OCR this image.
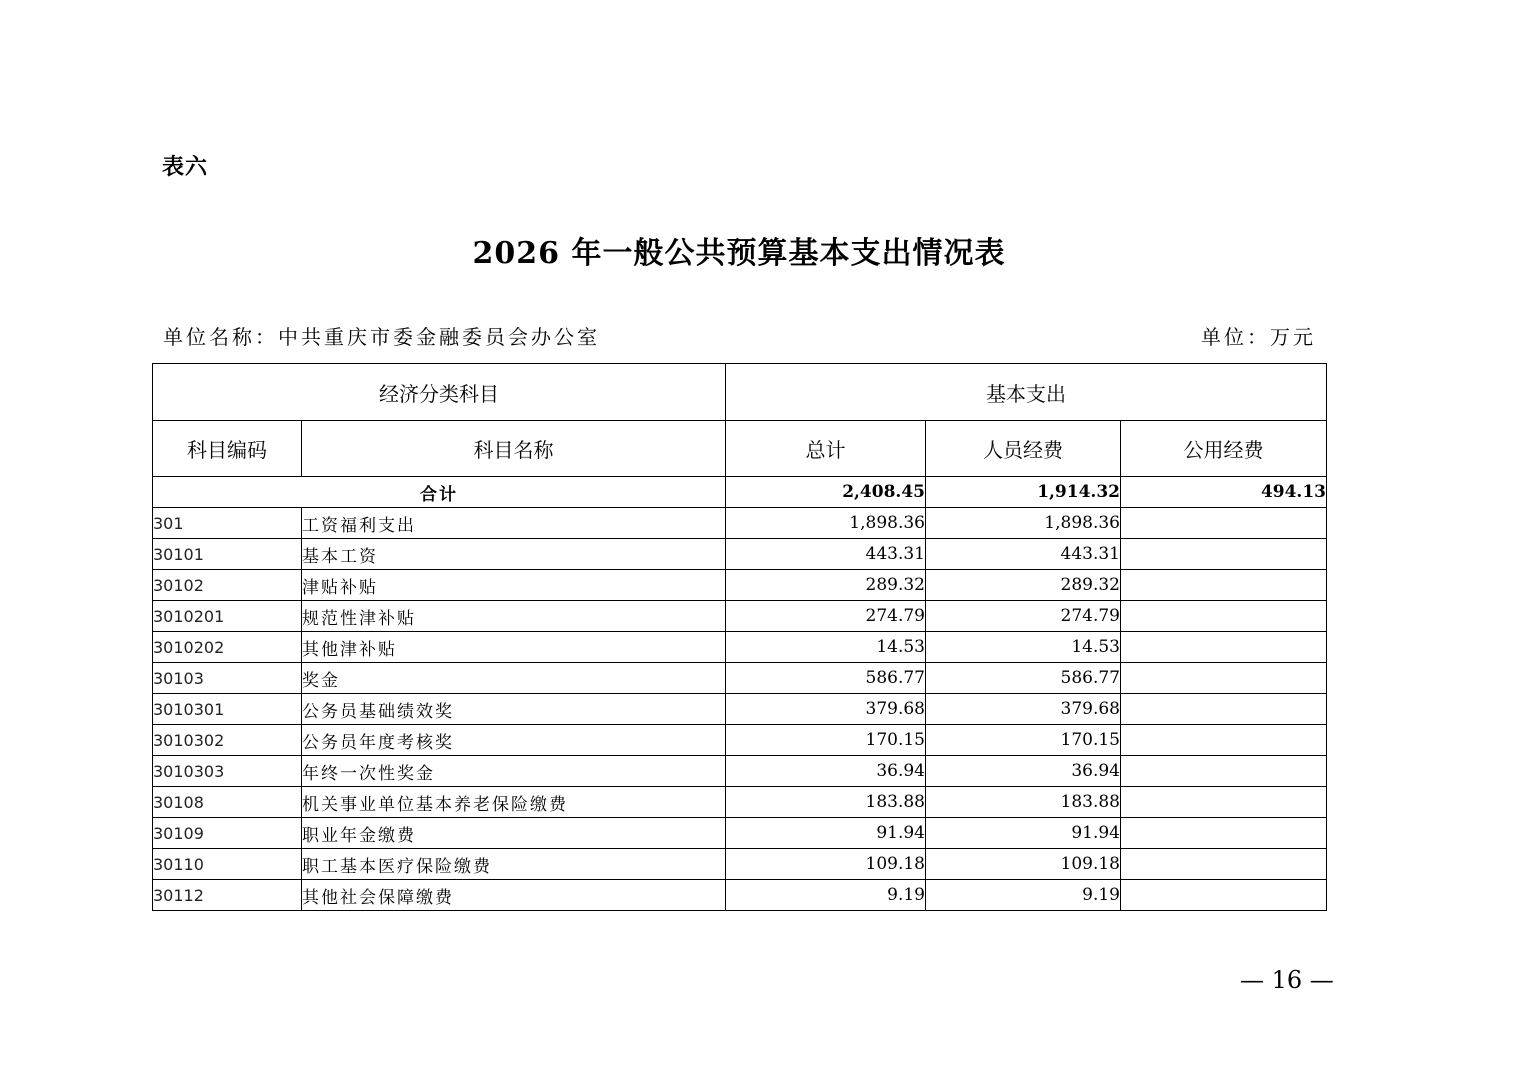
表六
2026 年一般公共预算基本支出情况表
单位名称：中共重庆市委金融委员会办公室	单位：万元
经济分类科目		基本支出		
科目编码	科目名称	总计	人员经费	公用经费
合计		2,408.45	1,914.32	494.13
301	工资福利支出	1,898.36	1,898.36	
30101	基本工资	443.31	443.31	
30102	津贴补贴	289.32	289.32	
3010201	规范性津补贴	274.79	274.79	
3010202	其他津补贴	14.53	14.53	
30103	奖金	586.77	586.77	
3010301	公务员基础绩效奖	379.68	379.68	
3010302	公务员年度考核奖	170.15	170.15	
3010303	年终一次性奖金	36.94	36.94	
30108	机关事业单位基本养老保险缴费	183.88	183.88	
30109	职业年金缴费	91.94	91.94	
30110	职工基本医疗保险缴费	109.18	109.18	
30112	其他社会保障缴费	9.19	9.19	
— 16 —
